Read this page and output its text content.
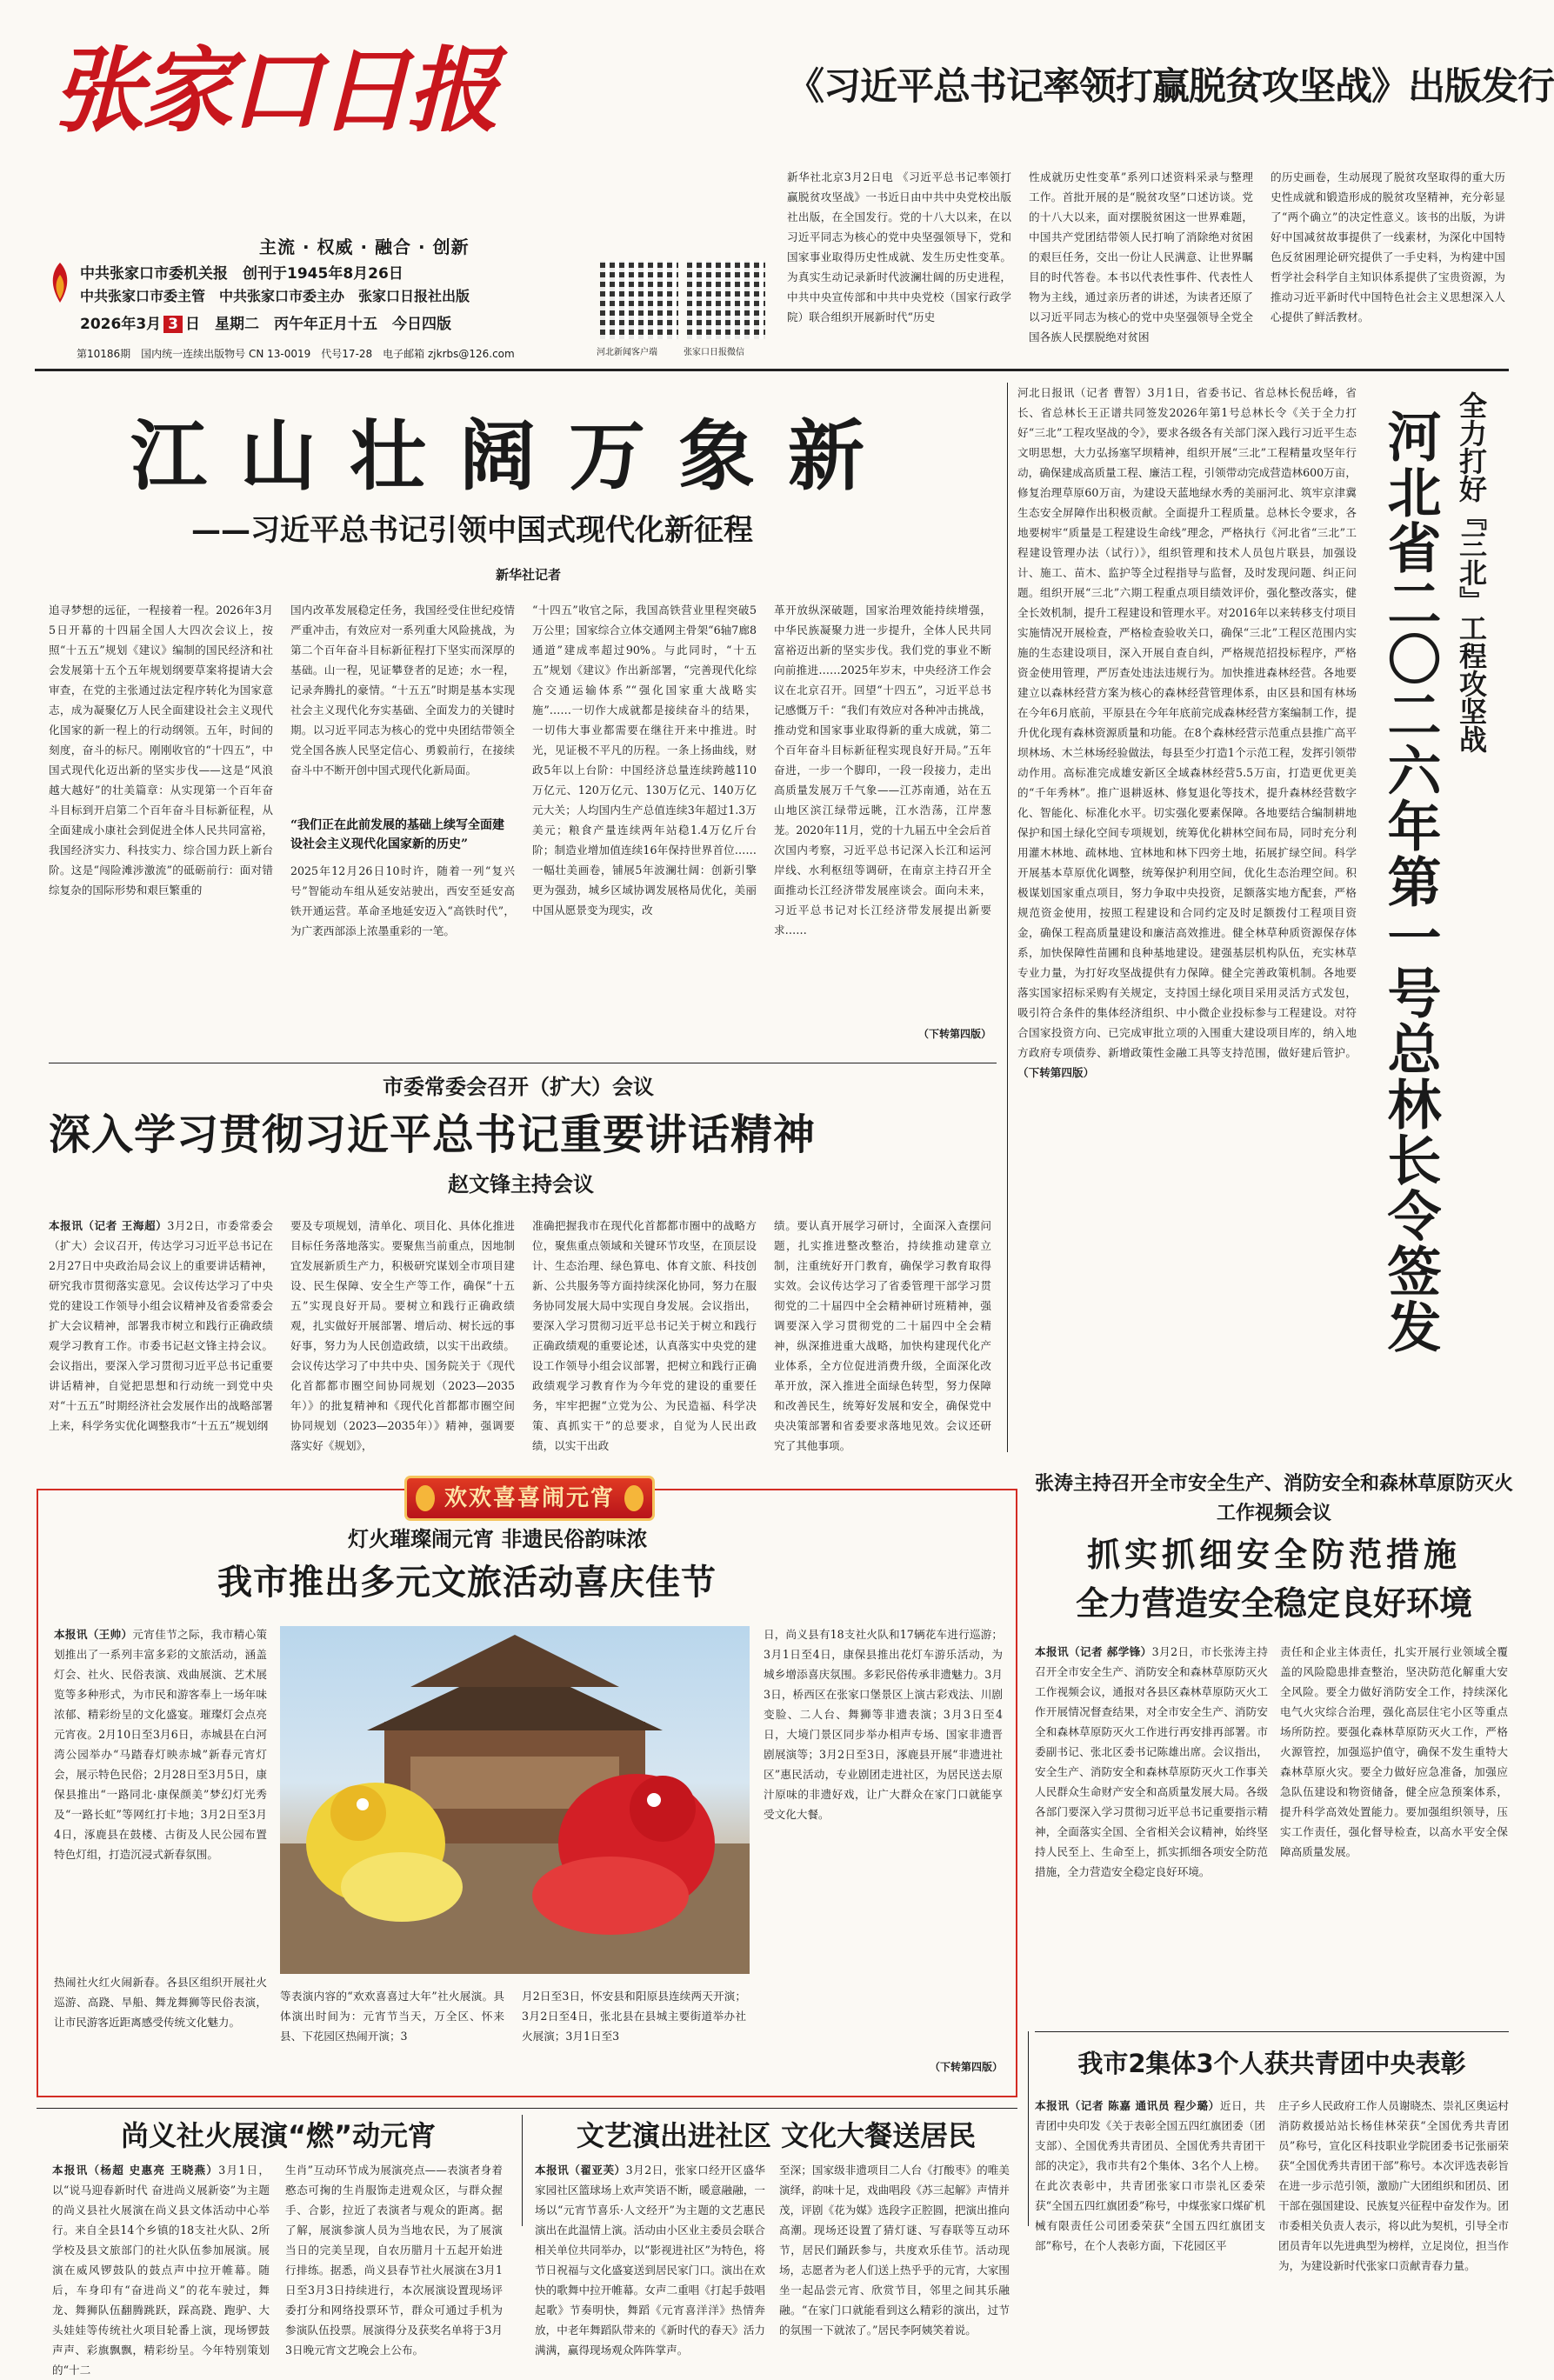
张家口日报
主流 · 权威 · 融合 · 创新
中共张家口市委机关报　 创刊于1945年8月26日
中共张家口市委主管　中共张家口市委主办　张家口日报社出版
2026年3月 3 日　星期二　丙午年正月十五　今日四版
第10186期　国内统一连续出版物号 CN 13-0019　代号17-28　电子邮箱 zjkrbs@126.com	河北新闻客户端	张家口日报微信
《习近平总书记率领打赢脱贫攻坚战》出版发行
新华社北京3月2日电 《习近平总书记率领打赢脱贫攻坚战》一书近日由中共中央党校出版社出版，在全国发行。党的十八大以来，在以习近平同志为核心的党中央坚强领导下，党和国家事业取得历史性成就、发生历史性变革。为真实生动记录新时代波澜壮阔的历史进程，中共中央宣传部和中共中央党校（国家行政学院）联合组织开展新时代“历史
性成就历史性变革”系列口述资料采录与整理工作。首批开展的是“脱贫攻坚”口述访谈。党的十八大以来，面对摆脱贫困这一世界难题，中国共产党团结带领人民打响了消除绝对贫困的艰巨任务，交出一份让人民满意、让世界瞩目的时代答卷。本书以代表性事件、代表性人物为主线，通过亲历者的讲述，为读者还原了以习近平同志为核心的党中央坚强领导全党全国各族人民摆脱绝对贫困
的历史画卷，生动展现了脱贫攻坚取得的重大历史性成就和锻造形成的脱贫攻坚精神，充分彰显了“两个确立”的决定性意义。该书的出版，为讲好中国减贫故事提供了一线素材，为深化中国特色反贫困理论研究提供了一手史料，为构建中国哲学社会科学自主知识体系提供了宝贵资源，为推动习近平新时代中国特色社会主义思想深入人心提供了鲜活教材。
江山壮阔万象新
——习近平总书记引领中国式现代化新征程
新华社记者
追寻梦想的远征，一程接着一程。2026年3月5日开幕的十四届全国人大四次会议上，按照“十五五”规划《建议》编制的国民经济和社会发展第十五个五年规划纲要草案将提请大会审查，在党的主张通过法定程序转化为国家意志，成为凝聚亿万人民全面建设社会主义现代化国家的新一程上的行动纲领。五年，时间的刻度，奋斗的标尺。刚刚收官的“十四五”，中国式现代化迈出新的坚实步伐——这是“风浪越大越好”的壮美篇章：从实现第一个百年奋斗目标到开启第二个百年奋斗目标新征程，从全面建成小康社会到促进全体人民共同富裕，我国经济实力、科技实力、综合国力跃上新台阶。这是“闯险滩涉激流”的砥砺前行：面对错综复杂的国际形势和艰巨繁重的
国内改革发展稳定任务，我国经受住世纪疫情严重冲击，有效应对一系列重大风险挑战，为第二个百年奋斗目标新征程打下坚实而深厚的基础。山一程，见证攀登者的足迹；水一程，记录奔腾扎的豪情。“十五五”时期是基本实现社会主义现代化夯实基础、全面发力的关键时期。以习近平同志为核心的党中央团结带领全党全国各族人民坚定信心、勇毅前行，在接续奋斗中不断开创中国式现代化新局面。
“我们正在此前发展的基础上续写全面建设社会主义现代化国家新的历史”
2025年12月26日10时许，随着一列“复兴号”智能动车组从延安站驶出，西安至延安高铁开通运营。革命圣地延安迈入“高铁时代”，为广袤西部添上浓墨重彩的一笔。
“十四五”收官之际，我国高铁营业里程突破5万公里；国家综合立体交通网主骨架“6轴7廊8通道”建成率超过90%。与此同时，“十五五”规划《建议》作出新部署，“完善现代化综合交通运输体系”“强化国家重大战略实施”……一切作大成就都是接续奋斗的结果，一切伟大事业都需要在继往开来中推进。时光，见证极不平凡的历程。一条上扬曲线，财政5年以上台阶：中国经济总量连续跨越110万亿元、120万亿元、130万亿元、140万亿元大关；人均国内生产总值连续3年超过1.3万美元；粮食产量连续两年站稳1.4万亿斤台阶；制造业增加值连续16年保持世界首位……一幅壮美画卷，铺展5年波澜壮阔：创新引擎更为强劲，城乡区域协调发展格局优化，美丽中国从愿景变为现实，改
革开放纵深破题，国家治理效能持续增强，中华民族凝聚力进一步提升，全体人民共同富裕迈出新的坚实步伐。我们党的事业不断向前推进……2025年岁末，中央经济工作会议在北京召开。回望“十四五”，习近平总书记感慨万千：“我们有效应对各种冲击挑战，推动党和国家事业取得新的重大成就，第二个百年奋斗目标新征程实现良好开局。”五年奋进，一步一个脚印，一段一段接力，走出高质量发展万千气象——江苏南通，站在五山地区滨江绿带远眺，江水浩荡，江岸葱茏。2020年11月，党的十九届五中全会后首次国内考察，习近平总书记深入长江和运河岸线、水利枢纽等调研，在南京主持召开全面推动长江经济带发展座谈会。面向未来，习近平总书记对长江经济带发展提出新要求……
（下转第四版）
市委常委会召开（扩大）会议
深入学习贯彻习近平总书记重要讲话精神
赵文锋主持会议
本报讯（记者 王海超）3月2日，市委常委会（扩大）会议召开，传达学习习近平总书记在2月27日中央政治局会议上的重要讲话精神，研究我市贯彻落实意见。会议传达学习了中央党的建设工作领导小组会议精神及省委常委会扩大会议精神，部署我市树立和践行正确政绩观学习教育工作。市委书记赵文锋主持会议。会议指出，要深入学习贯彻习近平总书记重要讲话精神，自觉把思想和行动统一到党中央对“十五五”时期经济社会发展作出的战略部署上来，科学务实优化调整我市“十五五”规划纲
要及专项规划，清单化、项目化、具体化推进目标任务落地落实。要聚焦当前重点，因地制宜发展新质生产力，积极研究谋划全市项目建设、民生保障、安全生产等工作，确保“十五五”实现良好开局。要树立和践行正确政绩观，扎实做好开展部署、增后动、树长远的事好事，努力为人民创造政绩，以实干出政绩。会议传达学习了中共中央、国务院关于《现代化首都都市圈空间协同规划（2023—2035年）》的批复精神和《现代化首都都市圈空间协同规划（2023—2035年）》精神，强调要落实好《规划》，
准确把握我市在现代化首都都市圈中的战略方位，聚焦重点领域和关键环节攻坚，在顶层设计、生态治理、绿色算电、体育文旅、科技创新、公共服务等方面持续深化协同，努力在服务协同发展大局中实现自身发展。会议指出，要深入学习贯彻习近平总书记关于树立和践行正确政绩观的重要论述，认真落实中央党的建设工作领导小组会议部署，把树立和践行正确政绩观学习教育作为今年党的建设的重要任务，牢牢把握“立党为公、为民造福、科学决策、真抓实干”的总要求，自觉为人民出政绩，以实干出政
绩。要认真开展学习研讨，全面深入查摆问题，扎实推进整改整治，持续推动建章立制，注重统好开门教育，确保学习教育取得实效。会议传达学习了省委管理干部学习贯彻党的二十届四中全会精神研讨班精神，强调要深入学习贯彻党的二十届四中全会精神，纵深推进重大战略，加快构建现代化产业体系，全方位促进消费升级，全面深化改革开放，深入推进全面绿色转型，努力保障和改善民生，统筹好发展和安全，确保党中央决策部署和省委要求落地见效。会议还研究了其他事项。
河北日报讯（记者 曹智）3月1日，省委书记、省总林长倪岳峰，省长、省总林长王正谱共同签发2026年第1号总林长令《关于全力打好“三北”工程攻坚战的令》，要求各级各有关部门深入践行习近平生态文明思想，大力弘扬塞罕坝精神，组织开展“三北”工程精量攻坚年行动，确保建成高质量工程、廉洁工程，引领带动完成营造林600万亩，修复治理草原60万亩，为建设天蓝地绿水秀的美丽河北、筑牢京津冀生态安全屏障作出积极贡献。全面提升工程质量。总林长令要求，各地要树牢“质量是工程建设生命线”理念，严格执行《河北省“三北”工程建设管理办法（试行）》，组织管理和技术人员包片联县，加强设计、施工、苗木、监护等全过程指导与监督，及时发现问题、纠正问题。组织开展“三北”六期工程重点项目绩效评价，强化整改落实，健全长效机制，提升工程建设和管理水平。对2016年以来转移支付项目实施情况开展检查，严格检查验收关口，确保“三北”工程区范围内实施的生态建设项目，深入开展自查自纠，严格规范招投标程序，严格资金使用管理，严厉查处违法违规行为。加快推进森林经营。各地要建立以森林经营方案为核心的森林经营管理体系，由区县和国有林场在今年6月底前，平原县在今年年底前完成森林经营方案编制工作，提升优化现有森林资源质量和功能。在8个森林经营示范重点县推广高平坝林场、木兰林场经验做法，每县至少打造1个示范工程，发挥引领带动作用。高标准完成雄安新区全域森林经营5.5万亩，打造更优更美的“千年秀林”。推广退耕返林、修复退化等技术，提升森林经营数字化、智能化、标准化水平。切实强化要素保障。各地要结合编制耕地保护和国土绿化空间专项规划，统筹优化耕林空间布局，同时充分利用灌木林地、疏林地、宜林地和林下四旁土地，拓展扩绿空间。科学开展基本草原优化调整，统筹保护利用空间，优化生态治理空间。积极谋划国家重点项目，努力争取中央投资，足额落实地方配套，严格规范资金使用，按照工程建设和合同约定及时足额拨付工程项目资金，确保工程高质量建设和廉洁高效推进。健全林草种质资源保存体系，加快保障性苗圃和良种基地建设。建强基层机构队伍，充实林草专业力量，为打好攻坚战提供有力保障。健全完善政策机制。各地要落实国家招标采购有关规定，支持国土绿化项目采用灵活方式发包，吸引符合条件的集体经济组织、中小微企业投标参与工程建设。对符合国家投资方向、已完成审批立项的入围重大建设项目库的，纳入地方政府专项债券、新增政策性金融工具等支持范围，做好建后管护。（下转第四版）
全力打好『三北』工程攻坚战
河北省二〇二六年第一号总林长令签发
欢欢喜喜闹元宵
灯火璀璨闹元宵 非遗民俗韵味浓
我市推出多元文旅活动喜庆佳节
本报讯（王帅）元宵佳节之际，我市精心策划推出了一系列丰富多彩的文旅活动，涵盖灯会、社火、民俗表演、戏曲展演、艺术展览等多种形式，为市民和游客奉上一场年味浓郁、精彩纷呈的文化盛宴。璀璨灯会点亮元宵夜。2月10日至3月6日，赤城县在白河湾公园举办“马踏春灯映赤城”新春元宵灯会，展示特色民俗；2月28日至3月5日，康保县推出“一路同北·康保颜美”梦幻灯光秀及“一路长虹”等网红打卡地；3月2日至3月4日，涿鹿县在鼓楼、古街及人民公园布置特色灯组，打造沉浸式新春氛围。
热闹社火红火闹新春。各县区组织开展社火巡游、高跷、旱船、舞龙舞狮等民俗表演，让市民游客近距离感受传统文化魅力。
等表演内容的“欢欢喜喜过大年”社火展演。具体演出时间为：元宵节当天，万全区、怀来县、下花园区热闹开演；3
月2日至3日，怀安县和阳原县连续两天开演；3月2日至4日，张北县在县城主要街道举办社火展演；3月1日至3
日，尚义县有18支社火队和17辆花车进行巡游；3月1日至4日，康保县推出花灯车游乐活动，为城乡增添喜庆氛围。多彩民俗传承非遗魅力。3月3日，桥西区在张家口堡景区上演古彩戏法、川剧变脸、二人台、舞狮等非遗表演；3月3日至4日，大境门景区同步举办相声专场、国家非遗晋剧展演等；3月2日至3日，涿鹿县开展“非遗进社区”惠民活动，专业剧团走进社区，为居民送去原汁原味的非遗好戏，让广大群众在家门口就能享受文化大餐。
（下转第四版）
张涛主持召开全市安全生产、消防安全和森林草原防灭火工作视频会议
抓实抓细安全防范措施
全力营造安全稳定良好环境
本报讯（记者 郝学锋）3月2日，市长张涛主持召开全市安全生产、消防安全和森林草原防灭火工作视频会议，通报对各县区森林草原防灭火工作开展情况督查结果，对全市安全生产、消防安全和森林草原防灭火工作进行再安排再部署。市委副书记、张北区委书记陈雄出席。会议指出，安全生产、消防安全和森林草原防灭火工作事关人民群众生命财产安全和高质量发展大局。各级各部门要深入学习贯彻习近平总书记重要指示精神，全面落实全国、全省相关会议精神，始终坚持人民至上、生命至上，抓实抓细各项安全防范措施，全力营造安全稳定良好环境。
责任和企业主体责任，扎实开展行业领域全覆盖的风险隐患排查整治，坚决防范化解重大安全风险。要全力做好消防安全工作，持续深化电气火灾综合治理，强化高层住宅小区等重点场所防控。要强化森林草原防灭火工作，严格火源管控，加强巡护值守，确保不发生重特大森林草原火灾。要全力做好应急准备，加强应急队伍建设和物资储备，健全应急预案体系，提升科学高效处置能力。要加强组织领导，压实工作责任，强化督导检查，以高水平安全保障高质量发展。
尚义社火展演“燃”动元宵
本报讯（杨超 史惠亮 王晓燕）3月1日，以“说马迎春新时代 奋进尚义展新姿”为主题的尚义县社火展演在尚义县文体活动中心举行。来自全县14个乡镇的18支社火队、2所学校及县文旅部门的社火队伍参加展演。展演在威风锣鼓队的鼓点声中拉开帷幕。随后，车身印有“奋进尚义”的花车驶过，舞龙、舞狮队伍翻腾跳跃，踩高跷、跑驴、大头娃娃等传统社火项目轮番上演，现场锣鼓声声、彩旗飘飘，精彩纷呈。今年特别策划的“十二
生肖”互动环节成为展演亮点——表演者身着憨态可掬的生肖服饰走进观众区，与群众握手、合影，拉近了表演者与观众的距离。据了解，展演参演人员为当地农民，为了展演当日的完美呈现，自农历腊月十五起开始进行排练。据悉，尚义县春节社火展演在3月1日至3月3日持续进行，本次展演设置现场评委打分和网络投票环节，群众可通过手机为参演队伍投票。展演得分及获奖名单将于3月3日晚元宵文艺晚会上公布。
文艺演出进社区 文化大餐送居民
本报讯（翟亚芙）3月2日，张家口经开区盛华家园社区篮球场上欢声笑语不断，暖意融融，一场以“元宵节喜乐·人文经开”为主题的文艺惠民演出在此温情上演。活动由小区业主委员会联合相关单位共同举办，以“影视进社区”为特色，将节日祝福与文化盛宴送到居民家门口。演出在欢快的歌舞中拉开帷幕。女声二重唱《打起手鼓唱起歌》节奏明快，舞蹈《元宵喜洋洋》热情奔放，中老年舞蹈队带来的《新时代的春天》活力满满，赢得现场观众阵阵掌声。
至深；国家级非遗项目二人台《打酸枣》的唯美演绎，韵味十足，戏曲唱段《苏三起解》声情并茂，评剧《花为媒》选段字正腔圆，把演出推向高潮。现场还设置了猜灯谜、写春联等互动环节，居民们踊跃参与，共度欢乐佳节。活动现场，志愿者为老人们送上热乎乎的元宵，大家围坐一起品尝元宵、欣赏节目，邻里之间其乐融融。“在家门口就能看到这么精彩的演出，过节的氛围一下就浓了。”居民李阿姨笑着说。
我市2集体3个人获共青团中央表彰
本报讯（记者 陈嘉 通讯员 程少璐）近日，共青团中央印发《关于表彰全国五四红旗团委（团支部）、全国优秀共青团员、全国优秀共青团干部的决定》，我市共有2个集体、3名个人上榜。在此次表彰中，共青团张家口市崇礼区委荣获“全国五四红旗团委”称号，中煤张家口煤矿机械有限责任公司团委荣获“全国五四红旗团支部”称号，在个人表彰方面，下花园区平
庄子乡人民政府工作人员谢晓杰、崇礼区奥运村消防救援站站长杨佳林荣获“全国优秀共青团员”称号，宣化区科技职业学院团委书记张丽荣获“全国优秀共青团干部”称号。本次评选表彰旨在进一步示范引领，激励广大团组织和团员、团干部在强国建设、民族复兴征程中奋发作为。团市委相关负责人表示，将以此为契机，引导全市团员青年以先进典型为榜样，立足岗位，担当作为，为建设新时代张家口贡献青春力量。
